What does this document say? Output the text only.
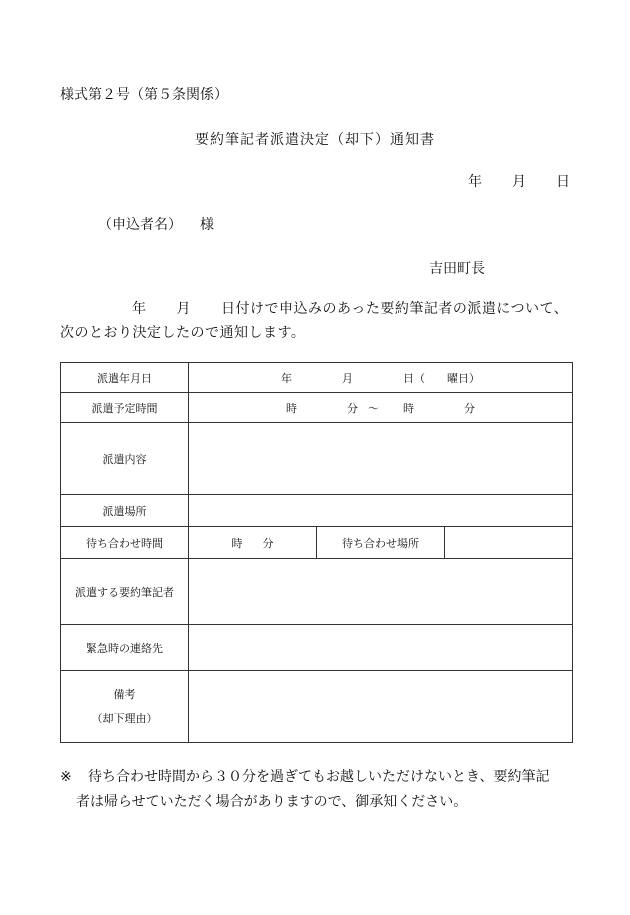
様式第２号（第５条関係）
要約筆記者派遣決定（却下）通知書
年 月 日
（申込者名） 様
吉田町長
年 月 日付けで申込みのあった要約筆記者の派遣について、
次のとおり決定したので通知します。
派遣年月日	年 月 日（ 曜日）		
派遣予定時間	時 分 ～ 時 分		
派遣内容			
派遣場所			
待ち合わせ時間	時 分	待ち合わせ場所	
派遣する要約筆記者			
緊急時の連絡先			
備考
（却下理由）			
※ 待ち合わせ時間から３０分を過ぎてもお越しいただけないとき、要約筆記
者は帰らせていただく場合がありますので、御承知ください。
